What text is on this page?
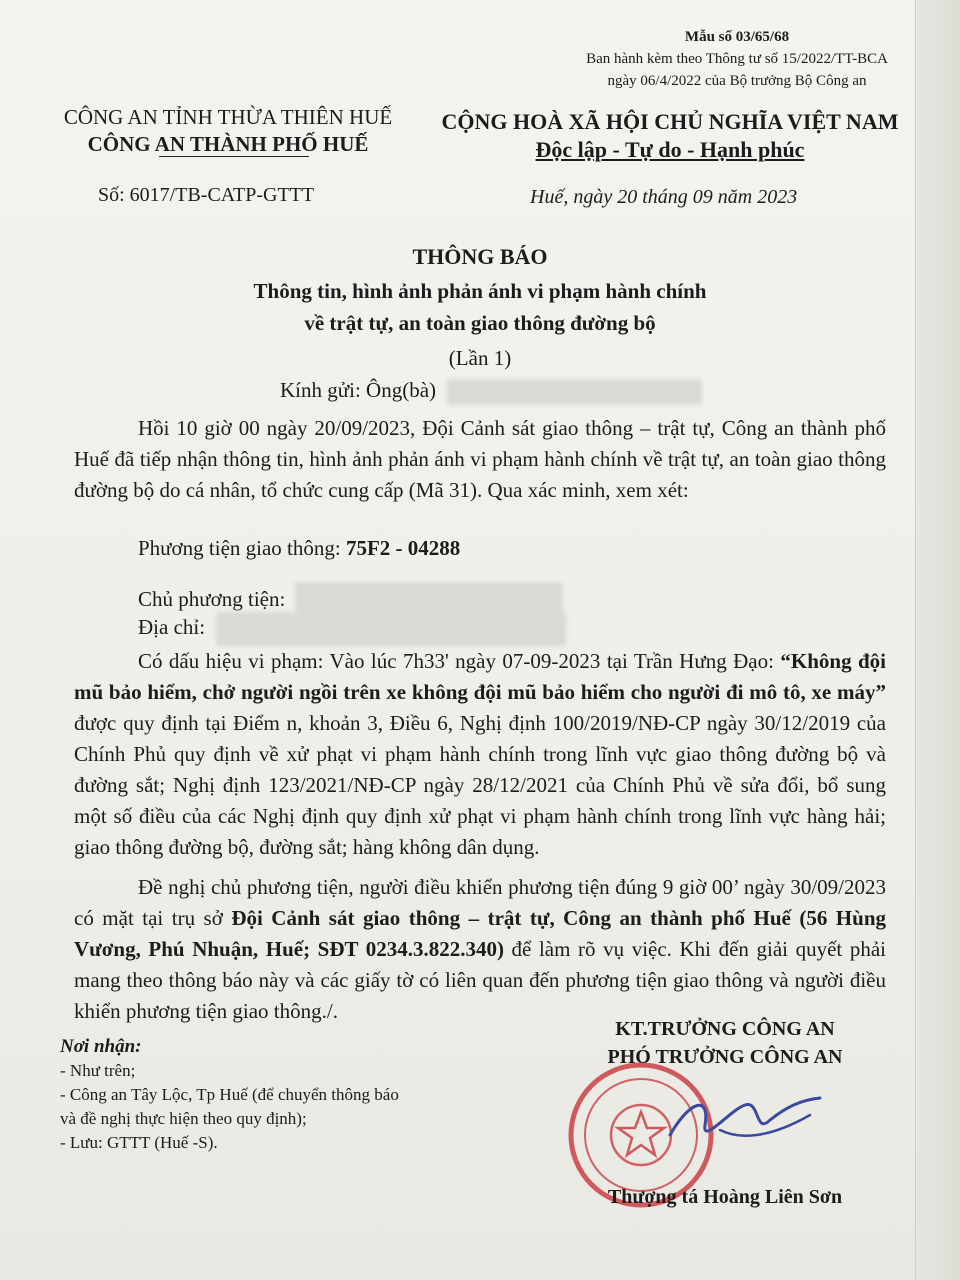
Mẫu số 03/65/68
Ban hành kèm theo Thông tư số 15/2022/TT-BCA
ngày 06/4/2022 của Bộ trưởng Bộ Công an
CÔNG AN TỈNH THỪA THIÊN HUẾ
CÔNG AN THÀNH PHỐ HUẾ
CỘNG HOÀ XÃ HỘI CHỦ NGHĨA VIỆT NAM
Độc lập - Tự do - Hạnh phúc
Số: 6017/TB-CATP-GTTT	Huế, ngày 20 tháng 09 năm 2023
THÔNG BÁO
Thông tin, hình ảnh phản ánh vi phạm hành chính
về trật tự, an toàn giao thông đường bộ
(Lần 1)
Kính gửi: Ông(bà)
Hồi 10 giờ 00 ngày 20/09/2023, Đội Cảnh sát giao thông – trật tự, Công an thành phố Huế đã tiếp nhận thông tin, hình ảnh phản ánh vi phạm hành chính về trật tự, an toàn giao thông đường bộ do cá nhân, tổ chức cung cấp (Mã 31). Qua xác minh, xem xét:
Phương tiện giao thông: 75F2 - 04288
Chủ phương tiện:
Địa chỉ:
Có dấu hiệu vi phạm: Vào lúc 7h33' ngày 07-09-2023 tại Trần Hưng Đạo: “Không đội mũ bảo hiểm, chở người ngồi trên xe không đội mũ bảo hiểm cho người đi mô tô, xe máy” được quy định tại Điểm n, khoản 3, Điều 6, Nghị định 100/2019/NĐ-CP ngày 30/12/2019 của Chính Phủ quy định về xử phạt vi phạm hành chính trong lĩnh vực giao thông đường bộ và đường sắt; Nghị định 123/2021/NĐ-CP ngày 28/12/2021 của Chính Phủ về sửa đổi, bổ sung một số điều của các Nghị định quy định xử phạt vi phạm hành chính trong lĩnh vực hàng hải; giao thông đường bộ, đường sắt; hàng không dân dụng.
Đề nghị chủ phương tiện, người điều khiển phương tiện đúng 9 giờ 00’ ngày 30/09/2023 có mặt tại trụ sở Đội Cảnh sát giao thông – trật tự, Công an thành phố Huế (56 Hùng Vương, Phú Nhuận, Huế; SĐT 0234.3.822.340) để làm rõ vụ việc. Khi đến giải quyết phải mang theo thông báo này và các giấy tờ có liên quan đến phương tiện giao thông và người điều khiển phương tiện giao thông./.
Nơi nhận:
- Như trên;
- Công an Tây Lộc, Tp Huế (để chuyển thông báo
và đề nghị thực hiện theo quy định);
- Lưu: GTTT (Huế -S).
KT.TRƯỞNG CÔNG AN
PHÓ TRƯỞNG CÔNG AN
Thượng tá Hoàng Liên Sơn
